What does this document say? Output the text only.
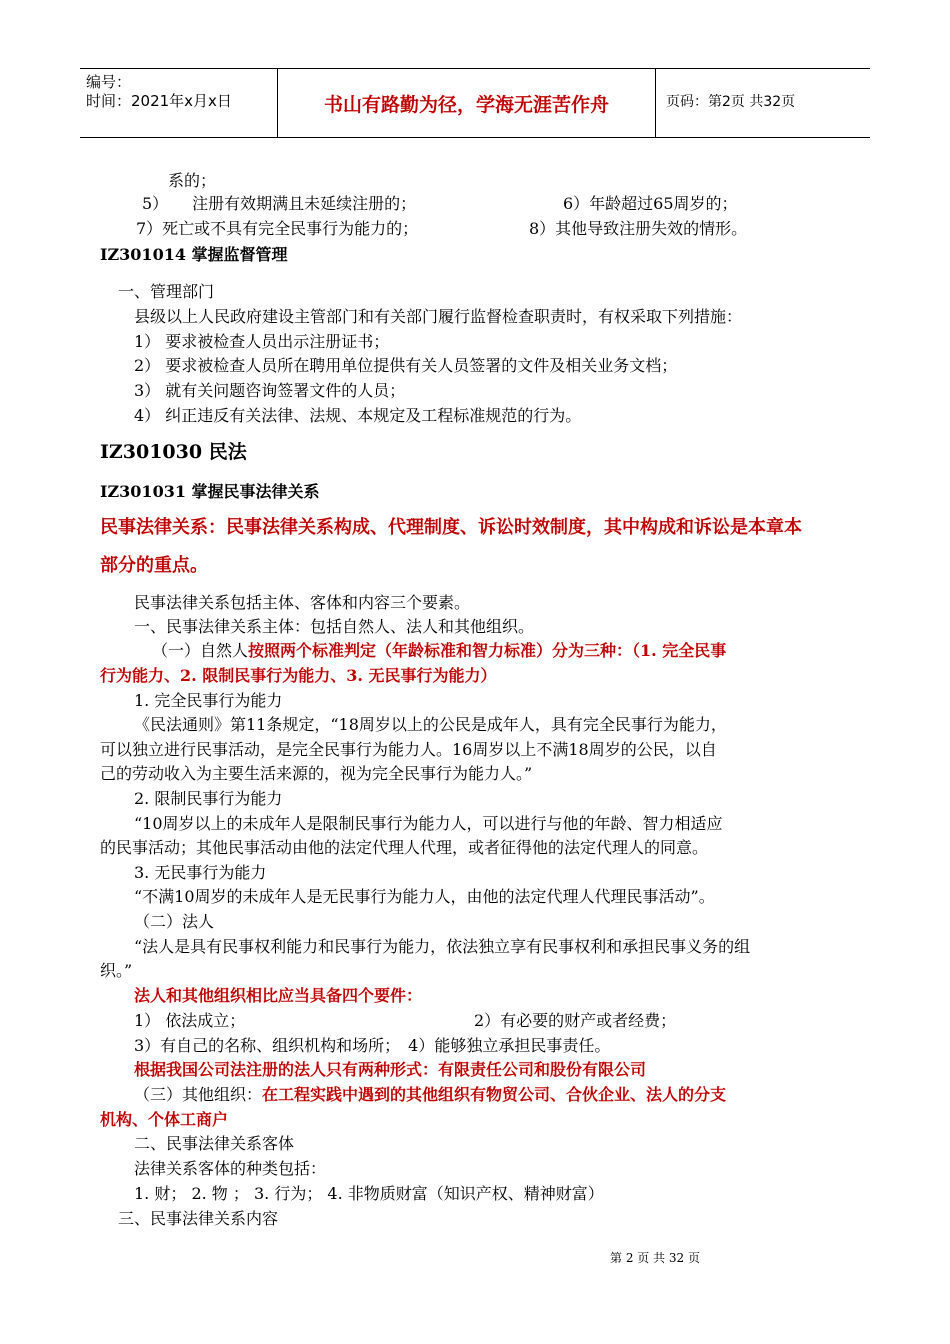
编号：
时间：2021年x月x日	书山有路勤为径，学海无涯苦作舟	页码：第2页 共32页
系的；
5）　　注册有效期满且未延续注册的；	6）年龄超过65周岁的；
7）死亡或不具有完全民事行为能力的；	8）其他导致注册失效的情形。
IZ301014 掌握监督管理
一、管理部门
县级以上人民政府建设主管部门和有关部门履行监督检查职责时，有权采取下列措施：
1） 要求被检查人员出示注册证书；
2） 要求被检查人员所在聘用单位提供有关人员签署的文件及相关业务文档；
3） 就有关问题咨询签署文件的人员；
4） 纠正违反有关法律、法规、本规定及工程标准规范的行为。
IZ301030 民法
IZ301031 掌握民事法律关系
民事法律关系：民事法律关系构成、代理制度、诉讼时效制度，其中构成和诉讼是本章本
部分的重点。
民事法律关系包括主体、客体和内容三个要素。
一、民事法律关系主体：包括自然人、法人和其他组织。
（一）自然人按照两个标准判定（年龄标准和智力标准）分为三种：（1. 完全民事
行为能力、2. 限制民事行为能力、3. 无民事行为能力）
1. 完全民事行为能力
《民法通则》第11条规定，“18周岁以上的公民是成年人，具有完全民事行为能力，
可以独立进行民事活动，是完全民事行为能力人。16周岁以上不满18周岁的公民，以自
己的劳动收入为主要生活来源的，视为完全民事行为能力人。”
2. 限制民事行为能力
“10周岁以上的未成年人是限制民事行为能力人，可以进行与他的年龄、智力相适应
的民事活动；其他民事活动由他的法定代理人代理，或者征得他的法定代理人的同意。
3. 无民事行为能力
“不满10周岁的未成年人是无民事行为能力人，由他的法定代理人代理民事活动”。
（二）法人
“法人是具有民事权利能力和民事行为能力，依法独立享有民事权利和承担民事义务的组
织。”
法人和其他组织相比应当具备四个要件：
1） 依法成立；	2）有必要的财产或者经费；
3）有自己的名称、组织机构和场所；　4）能够独立承担民事责任。
根据我国公司法注册的法人只有两种形式：有限责任公司和股份有限公司
（三）其他组织：在工程实践中遇到的其他组织有物贸公司、合伙企业、法人的分支
机构、个体工商户
二、民事法律关系客体
法律关系客体的种类包括：
1. 财； 2. 物 ； 3. 行为； 4. 非物质财富（知识产权、精神财富）
三、民事法律关系内容
第 2 页 共 32 页
